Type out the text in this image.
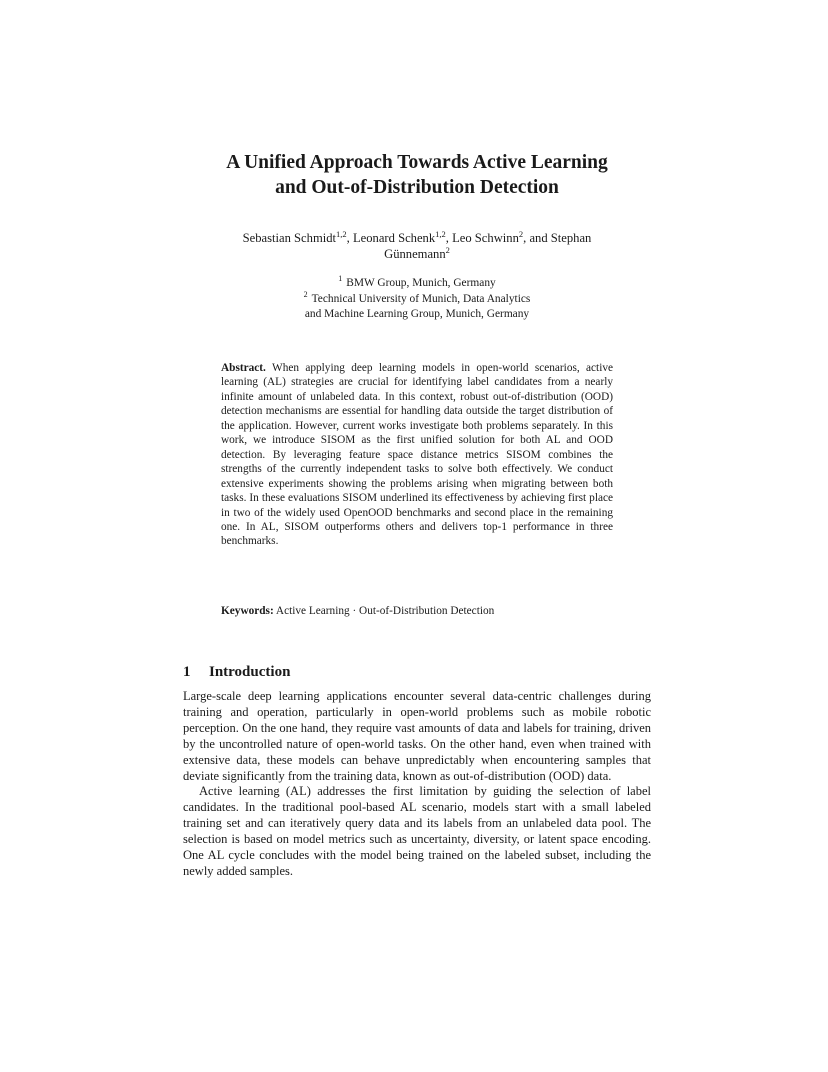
A Unified Approach Towards Active Learning
and Out-of-Distribution Detection
Sebastian Schmidt$^{1,2}$, Leonard Schenk$^{1,2}$, Leo Schwinn$^2$, and Stephan
Günnemann$^2$
$^1$ BMW Group, Munich, Germany
$^2$ Technical University of Munich, Data Analytics
and Machine Learning Group, Munich, Germany
Abstract. When applying deep learning models in open-world scenarios, active learning (AL) strategies are crucial for identifying label candidates from a nearly infinite amount of unlabeled data. In this context, robust out-of-distribution (OOD) detection mechanisms are essential for handling data outside the target distribution of the application. However, current works investigate both problems separately. In this work, we introduce SISOM as the first unified solution for both AL and OOD detection. By leveraging feature space distance metrics SISOM combines the strengths of the currently independent tasks to solve both effectively. We conduct extensive experiments showing the problems arising when migrating between both tasks. In these evaluations SISOM underlined its effectiveness by achieving first place in two of the widely used OpenOOD benchmarks and second place in the remaining one. In AL, SISOM outperforms others and delivers top-1 performance in three benchmarks.
Keywords: Active Learning · Out-of-Distribution Detection
1 Introduction

Large-scale deep learning applications encounter several data-centric challenges during training and operation, particularly in open-world problems such as mobile robotic perception. On the one hand, they require vast amounts of data and labels for training, driven by the uncontrolled nature of open-world tasks. On the other hand, even when trained with extensive data, these models can behave unpredictably when encountering samples that deviate significantly from the training data, known as out-of-distribution (OOD) data.

Active learning (AL) addresses the first limitation by guiding the selection of label candidates. In the traditional pool-based AL scenario, models start with a small labeled training set and can iteratively query data and its labels from an unlabeled data pool. The selection is based on model metrics such as uncertainty, diversity, or latent space encoding. One AL cycle concludes with the model being trained on the labeled subset, including the newly added samples.
